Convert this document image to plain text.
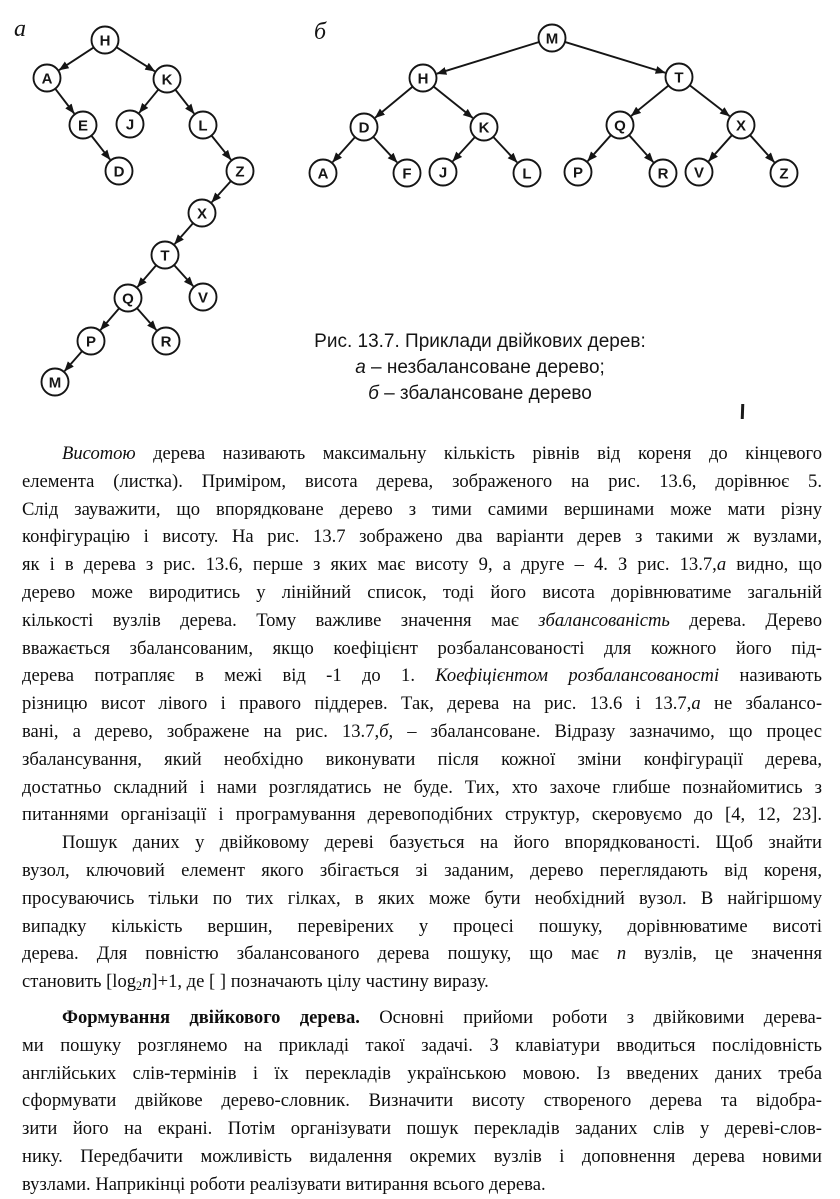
H
A	K
E	J	L
D	Z
X
T
Q	V
P	R
M
M
H	T
D	K	Q	X
A	F J	L	P	R V	Z
а	б
Рис. 13.7. Приклади двійкових дерев:
а – незбалансоване дерево;
б – збалансоване дерево
Висотою дерева називають максимальну кількість рівнів від кореня до кінцевого
елемента (листка). Приміром, висота дерева, зображеного на рис. 13.6, дорівнює 5.
Слід зауважити, що впорядковане дерево з тими самими вершинами може мати різну
конфігурацію і висоту. На рис. 13.7 зображено два варіанти дерев з такими ж вузлами,
як і в дерева з рис. 13.6, перше з яких має висоту 9, а друге – 4. З рис. 13.7,а видно, що
дерево може виродитись у лінійний список, тоді його висота дорівнюватиме загальній
кількості вузлів дерева. Тому важливе значення має збалансованість дерева. Дерево
вважається збалансованим, якщо коефіцієнт розбалансованості для кожного його під-
дерева потрапляє в межі від -1 до 1. Коефіцієнтом розбалансованості називають
різницю висот лівого і правого піддерев. Так, дерева на рис. 13.6 і 13.7,а не збалансо-
вані, а дерево, зображене на рис. 13.7,б, – збалансоване. Відразу зазначимо, що процес
збалансування, який необхідно виконувати після кожної зміни конфігурації дерева,
достатньо складний і нами розглядатись не буде. Тих, хто захоче глибше познайомитись з
питаннями організації і програмування деревоподібних структур, скеровуємо до [4, 12, 23].
Пошук даних у двійковому дереві базується на його впорядкованості. Щоб знайти
вузол, ключовий елемент якого збігається зі заданим, дерево переглядають від кореня,
просуваючись тільки по тих гілках, в яких може бути необхідний вузол. В найгіршому
випадку кількість вершин, перевірених у процесі пошуку, дорівнюватиме висоті
дерева. Для повністю збалансованого дерева пошуку, що має n вузлів, це значення
становить [log2n]+1, де [ ] позначають цілу частину виразу.
Формування двійкового дерева. Основні прийоми роботи з двійковими дерева-
ми пошуку розглянемо на прикладі такої задачі. З клавіатури вводиться послідовність
англійських слів-термінів і їх перекладів українською мовою. Із введених даних треба
сформувати двійкове дерево-словник. Визначити висоту створеного дерева та відобра-
зити його на екрані. Потім організувати пошук перекладів заданих слів у дереві-слов-
нику. Передбачити можливість видалення окремих вузлів і доповнення дерева новими
вузлами. Наприкінці роботи реалізувати витирання всього дерева.
